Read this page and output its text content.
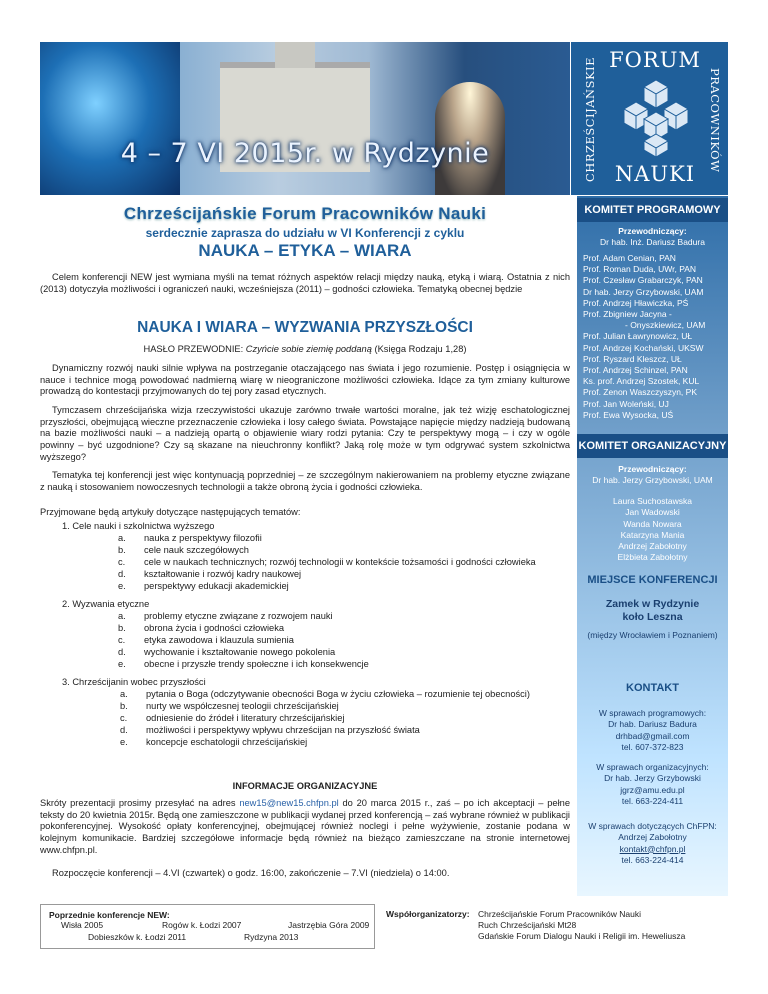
4 – 7 VI 2015r. w Rydzynie	CHRZEŚCIJAŃSKIE FORUM
NAUKI
PRACOWNIKÓW
Chrześcijańskie Forum Pracowników Nauki
serdecznie zaprasza do udziału w VI Konferencji z cyklu
NAUKA – ETYKA – WIARA
Celem konferencji NEW jest wymiana myśli na temat różnych aspektów relacji między nauką, etyką i wiarą. Ostatnia z nich (2013) dotyczyła możliwości i ograniczeń nauki, wcześniejsza (2011) – godności człowieka. Tematyką obecnej będzie
NAUKA I WIARA – WYZWANIA PRZYSZŁOŚCI
HASŁO PRZEWODNIE: Czyńcie sobie ziemię poddaną (Księga Rodzaju 1,28)
Dynamiczny rozwój nauki silnie wpływa na postrzeganie otaczającego nas świata i jego rozumienie. Postęp i osiągnięcia w nauce i technice mogą powodować nadmierną wiarę w nieograniczone możliwości człowieka. Idące za tym zmiany kulturowe prowadzą do kontestacji przyjmowanych do tej pory zasad etycznych.
Tymczasem chrześcijańska wizja rzeczywistości ukazuje zarówno trwałe wartości moralne, jak też wizję eschatologicznej przyszłości, obejmującą wieczne przeznaczenie człowieka i losy całego świata. Powstające napięcie między nadzieją budowaną na bazie możliwości nauki – a nadzieją opartą o objawienie wiary rodzi pytania: Czy te perspektywy mogą – i czy w ogóle powinny – być uzgodnione? Czy są skazane na nieuchronny konflikt? Jaką rolę może w tym odgrywać system szkolnictwa wyższego?
Tematyka tej konferencji jest więc kontynuacją poprzedniej – ze szczególnym nakierowaniem na problemy etyczne związane z nauką i stosowaniem nowoczesnych technologii a także obroną życia i godności człowieka.
Przyjmowane będą artykuły dotyczące następujących tematów:
1. Cele nauki i szkolnictwa wyższego
a. nauka z perspektywy filozofii
b. cele nauk szczegółowych
c. cele w naukach technicznych; rozwój technologii w kontekście tożsamości i godności człowieka
d. kształtowanie i rozwój kadry naukowej
e. perspektywy edukacji akademickiej
2. Wyzwania etyczne
a. problemy etyczne związane z rozwojem nauki
b. obrona życia i godności człowieka
c. etyka zawodowa i klauzula sumienia
d. wychowanie i kształtowanie nowego pokolenia
e. obecne i przyszłe trendy społeczne i ich konsekwencje
3. Chrześcijanin wobec przyszłości
a. pytania o Boga (odczytywanie obecności Boga w życiu człowieka – rozumienie tej obecności)
b. nurty we współczesnej teologii chrześcijańskiej
c. odniesienie do źródeł i literatury chrześcijańskiej
d. możliwości i perspektywy wpływu chrześcijan na przyszłość świata
e. koncepcje eschatologii chrześcijańskiej
INFORMACJE ORGANIZACYJNE
Skróty prezentacji prosimy przesyłać na adres new15@new15.chfpn.pl do 20 marca 2015 r., zaś – po ich akceptacji – pełne teksty do 20 kwietnia 2015r. Będą one zamieszczone w publikacji wydanej przed konferencją – zaś wybrane również w publikacji pokonferencyjnej. Wysokość opłaty konferencyjnej, obejmującej również noclegi i pełne wyżywienie, zostanie podana w kolejnym komunikacie. Bardziej szczegółowe informacje będą również na bieżąco zamieszczane na stronie internetowej www.chfpn.pl.
Rozpoczęcie konferencji – 4.VI (czwartek) o godz. 16:00, zakończenie – 7.VI (niedziela) o 14:00.
KOMITET PROGRAMOWY
Przewodniczący:
Dr hab. Inż. Dariusz Badura
Prof. Adam Cenian, PAN
Prof. Roman Duda, UWr, PAN
Prof. Czesław Grabarczyk, PAN
Dr hab. Jerzy Grzybowski, UAM
Prof. Andrzej Hławiczka, PŚ
Prof. Zbigniew Jacyna -
- Onyszkiewicz, UAM
Prof. Julian Ławrynowicz, UŁ
Prof. Andrzej Kochański, UKSW
Prof. Ryszard Kleszcz, UŁ
Prof. Andrzej Schinzel, PAN
Ks. prof. Andrzej Szostek, KUL
Prof. Zenon Waszczyszyn, PK
Prof. Jan Woleński, UJ
Prof. Ewa Wysocka, UŚ
KOMITET ORGANIZACYJNY
Przewodniczący:
Dr hab. Jerzy Grzybowski, UAM
Laura Suchostawska
Jan Wadowski
Wanda Nowara
Katarzyna Mania
Andrzej Zabołotny
Elżbieta Zabołotny
MIEJSCE KONFERENCJI
Zamek w Rydzynie
koło Leszna
(między Wrocławiem i Poznaniem)
KONTAKT
W sprawach programowych:
Dr hab. Dariusz Badura
drhbad@gmail.com
tel. 607-372-823
W sprawach organizacyjnych:
Dr hab. Jerzy Grzybowski
jgrz@amu.edu.pl
tel. 663-224-411
W sprawach dotyczących ChFPN:
Andrzej Zabołotny
kontakt@chfpn.pl
tel. 663-224-414
Poprzednie konferencje NEW:
Wisła 2005	Rogów k. Łodzi 2007	Jastrzębia Góra 2009
Dobieszków k. Łodzi 2011	Rydzyna 2013
Współorganizatorzy: Chrześcijańskie Forum Pracowników Nauki
Ruch Chrześcijański Mt28
Gdańskie Forum Dialogu Nauki i Religii im. Heweliusza
